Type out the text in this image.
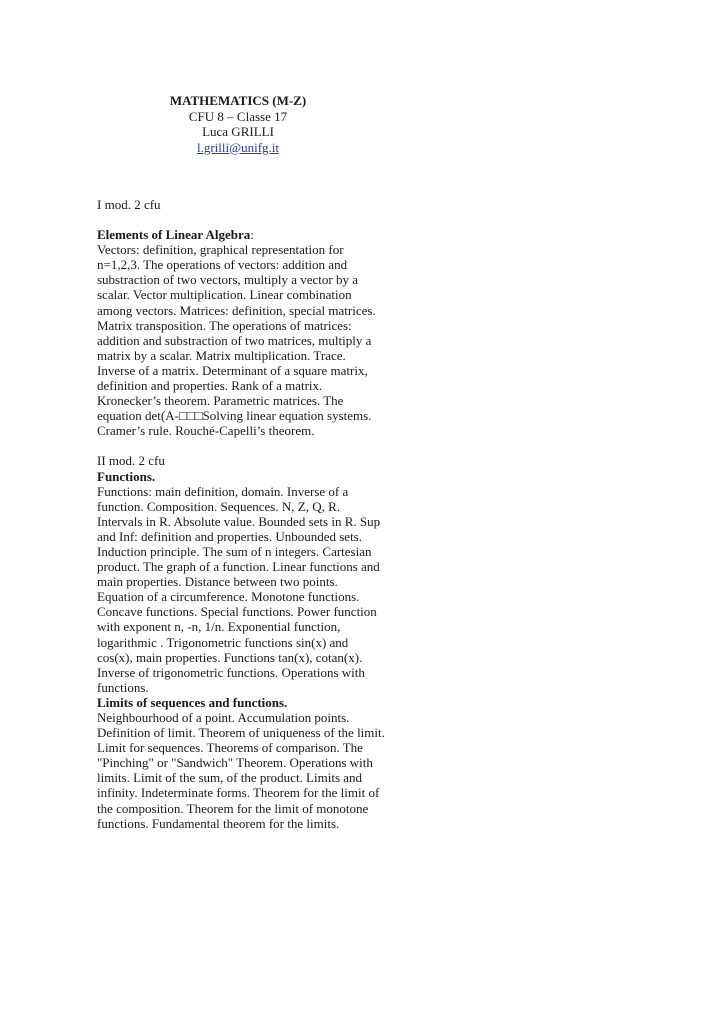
MATHEMATICS (M-Z)
CFU 8 – Classe 17
Luca GRILLI
l.grilli@unifg.it

I mod. 2 cfu

Elements of Linear Algebra:

Vectors: definition, graphical representation for n=1,2,3. The operations of vectors: addition and substraction of two vectors, multiply a vector by a scalar. Vector multiplication. Linear combination among vectors. Matrices: definition, special matrices. Matrix transposition. The operations of matrices: addition and substraction of two matrices, multiply a matrix by a scalar. Matrix multiplication. Trace. Inverse of a matrix. Determinant of a square matrix, definition and properties. Rank of a matrix. Kronecker’s theorem. Parametric matrices. The equation det(A-□□□Solving linear equation systems. Cramer’s rule. Rouché-Capelli’s theorem.

II mod. 2 cfu

Functions.

Functions: main definition, domain. Inverse of a function. Composition. Sequences. N, Z, Q, R. Intervals in R. Absolute value. Bounded sets in R. Sup and Inf: definition and properties. Unbounded sets. Induction principle. The sum of n integers. Cartesian product. The graph of a function. Linear functions and main properties. Distance between two points. Equation of a circumference. Monotone functions. Concave functions. Special functions. Power function with exponent n, -n, 1/n. Exponential function, logarithmic . Trigonometric functions sin(x) and cos(x), main properties. Functions tan(x), cotan(x). Inverse of trigonometric functions. Operations with functions.

Limits of sequences and functions.

Neighbourhood of a point. Accumulation points. Definition of limit. Theorem of uniqueness of the limit. Limit for sequences. Theorems of comparison. The "Pinching" or "Sandwich" Theorem. Operations with limits. Limit of the sum, of the product. Limits and infinity. Indeterminate forms. Theorem for the limit of the composition. Theorem for the limit of monotone functions. Fundamental theorem for the limits.
